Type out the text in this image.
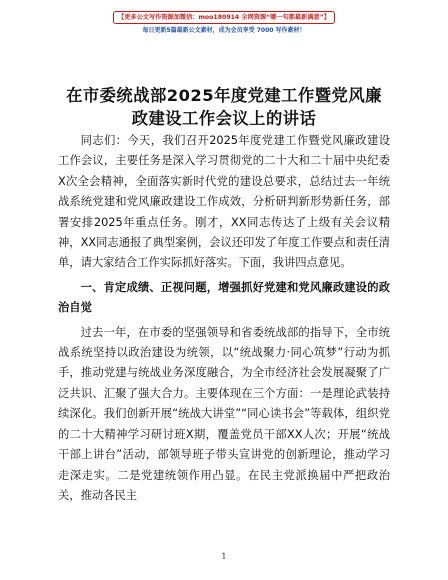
【更多公文写作资源加微信：moo180914 全网资源“哪一句都最新满意”】
每日更新5篇最新公文素材，成为会员享受 7000 写作素材！
在市委统战部2025年度党建工作暨党风廉政建设工作会议上的讲话

同志们：今天，我们召开2025年度党建工作暨党风廉政建设工作会议，主要任务是深入学习贯彻党的二十大和二十届中央纪委X次全会精神，全面落实新时代党的建设总要求，总结过去一年统战系统党建和党风廉政建设工作成效，分析研判新形势新任务，部署安排2025年重点任务。刚才，XX同志传达了上级有关会议精神，XX同志通报了典型案例，会议还印发了年度工作要点和责任清单，请大家结合工作实际抓好落实。下面，我讲四点意见。

一、肯定成绩、正视问题，增强抓好党建和党风廉政建设的政治自觉

过去一年，在市委的坚强领导和省委统战部的指导下，全市统战系统坚持以政治建设为统领，以“统战聚力·同心筑梦”行动为抓手，推动党建与统战业务深度融合，为全市经济社会发展凝聚了广泛共识、汇聚了强大合力。主要体现在三个方面：一是理论武装持续深化。我们创新开展“统战大讲堂”“同心读书会”等载体，组织党的二十大精神学习研讨班X期，覆盖党员干部XX人次；开展“统战干部上讲台”活动，部领导班子带头宣讲党的创新理论，推动学习走深走实。二是党建统领作用凸显。在民主党派换届中严把政治关，推动各民主

1
